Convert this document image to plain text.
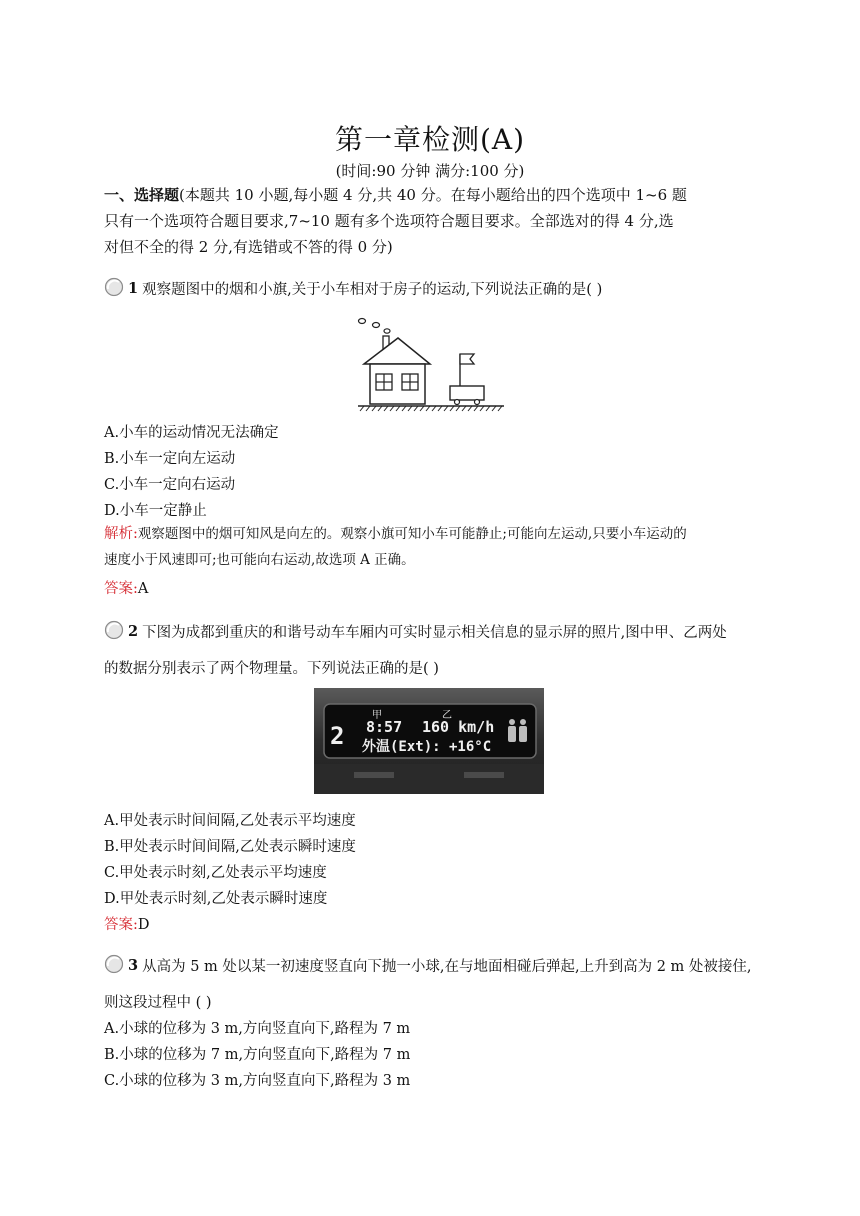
第一章检测(A)
(时间:90 分钟 满分:100 分)
一、选择题(本题共 10 小题,每小题 4 分,共 40 分。在每小题给出的四个选项中 1~6 题
只有一个选项符合题目要求,7~10 题有多个选项符合题目要求。全部选对的得 4 分,选
对但不全的得 2 分,有选错或不答的得 0 分)
1 观察题图中的烟和小旗,关于小车相对于房子的运动,下列说法正确的是( )
A.小车的运动情况无法确定
B.小车一定向左运动
C.小车一定向右运动
D.小车一定静止
解析:观察题图中的烟可知风是向左的。观察小旗可知小车可能静止;可能向左运动,只要小车运动的
速度小于风速即可;也可能向右运动,故选项 A 正确。
答案:A
2 下图为成都到重庆的和谐号动车车厢内可实时显示相关信息的显示屏的照片,图中甲、乙两处
的数据分别表示了两个物理量。下列说法正确的是( )
甲	乙
2 8:57 160 km/h
外温(Ext): +16°C
A.甲处表示时间间隔,乙处表示平均速度
B.甲处表示时间间隔,乙处表示瞬时速度
C.甲处表示时刻,乙处表示平均速度
D.甲处表示时刻,乙处表示瞬时速度
答案:D
3 从高为 5 m 处以某一初速度竖直向下抛一小球,在与地面相碰后弹起,上升到高为 2 m 处被接住,
则这段过程中 ( )
A.小球的位移为 3 m,方向竖直向下,路程为 7 m
B.小球的位移为 7 m,方向竖直向下,路程为 7 m
C.小球的位移为 3 m,方向竖直向下,路程为 3 m
